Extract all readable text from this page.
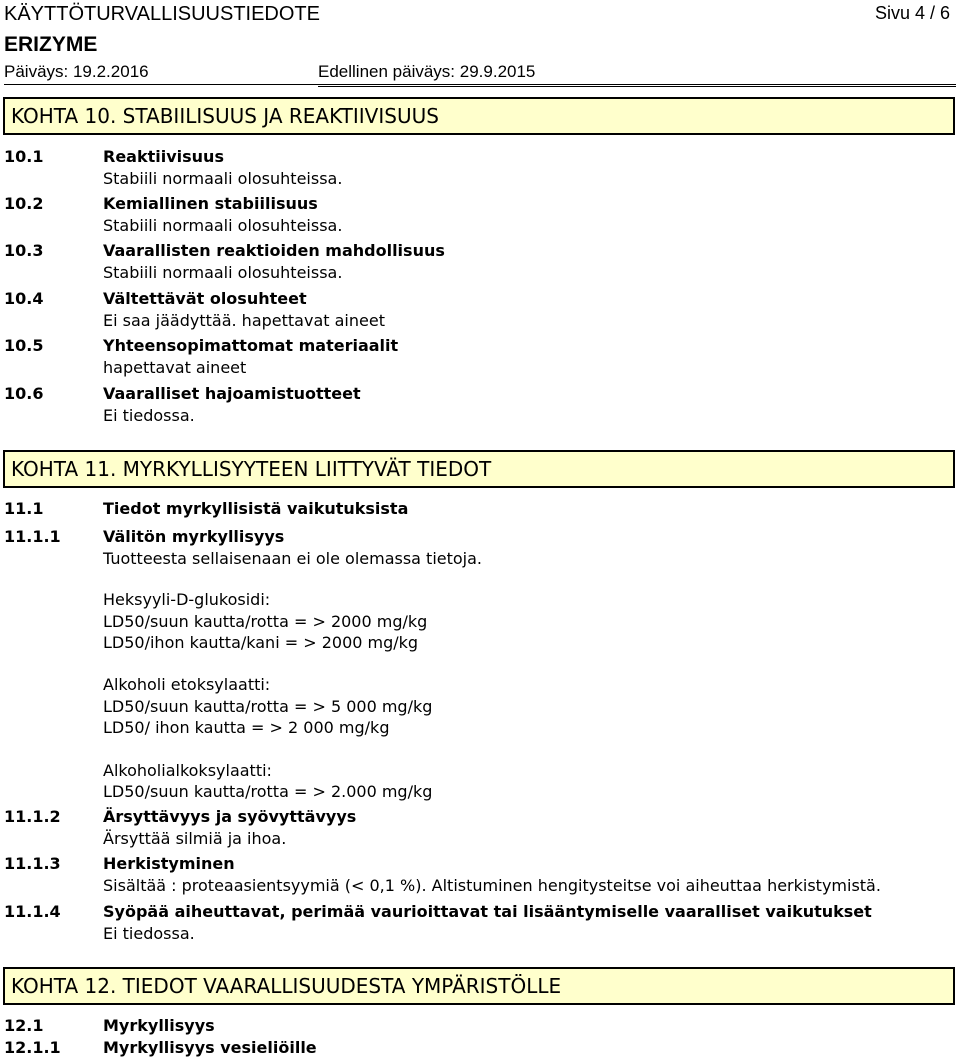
KÄYTTÖTURVALLISUUSTIEDOTE	Sivu 4 / 6
ERIZYME
Päiväys: 19.2.2016	Edellinen päiväys: 29.9.2015
KOHTA 10. STABIILISUUS JA REAKTIIVISUUS
10.1	Reaktiivisuus
Stabiili normaali olosuhteissa.
10.2	Kemiallinen stabiilisuus
Stabiili normaali olosuhteissa.
10.3	Vaarallisten reaktioiden mahdollisuus
Stabiili normaali olosuhteissa.
10.4	Vältettävät olosuhteet
Ei saa jäädyttää. hapettavat aineet
10.5	Yhteensopimattomat materiaalit
hapettavat aineet
10.6	Vaaralliset hajoamistuotteet
Ei tiedossa.
KOHTA 11. MYRKYLLISYYTEEN LIITTYVÄT TIEDOT
11.1	Tiedot myrkyllisistä vaikutuksista
11.1.1	Välitön myrkyllisyys
Tuotteesta sellaisenaan ei ole olemassa tietoja.
Heksyyli-D-glukosidi:
LD50/suun kautta/rotta = > 2000 mg/kg
LD50/ihon kautta/kani = > 2000 mg/kg
Alkoholi etoksylaatti:
LD50/suun kautta/rotta = > 5 000 mg/kg
LD50/ ihon kautta = > 2 000 mg/kg
Alkoholialkoksylaatti:
LD50/suun kautta/rotta = > 2.000 mg/kg
11.1.2	Ärsyttävyys ja syövyttävyys
Ärsyttää silmiä ja ihoa.
11.1.3	Herkistyminen
Sisältää : proteaasientsyymiä (< 0,1 %). Altistuminen hengitysteitse voi aiheuttaa herkistymistä.
11.1.4	Syöpää aiheuttavat, perimää vaurioittavat tai lisääntymiselle vaaralliset vaikutukset
Ei tiedossa.
KOHTA 12. TIEDOT VAARALLISUUDESTA YMPÄRISTÖLLE
12.1	Myrkyllisyys
12.1.1	Myrkyllisyys vesieliöille
